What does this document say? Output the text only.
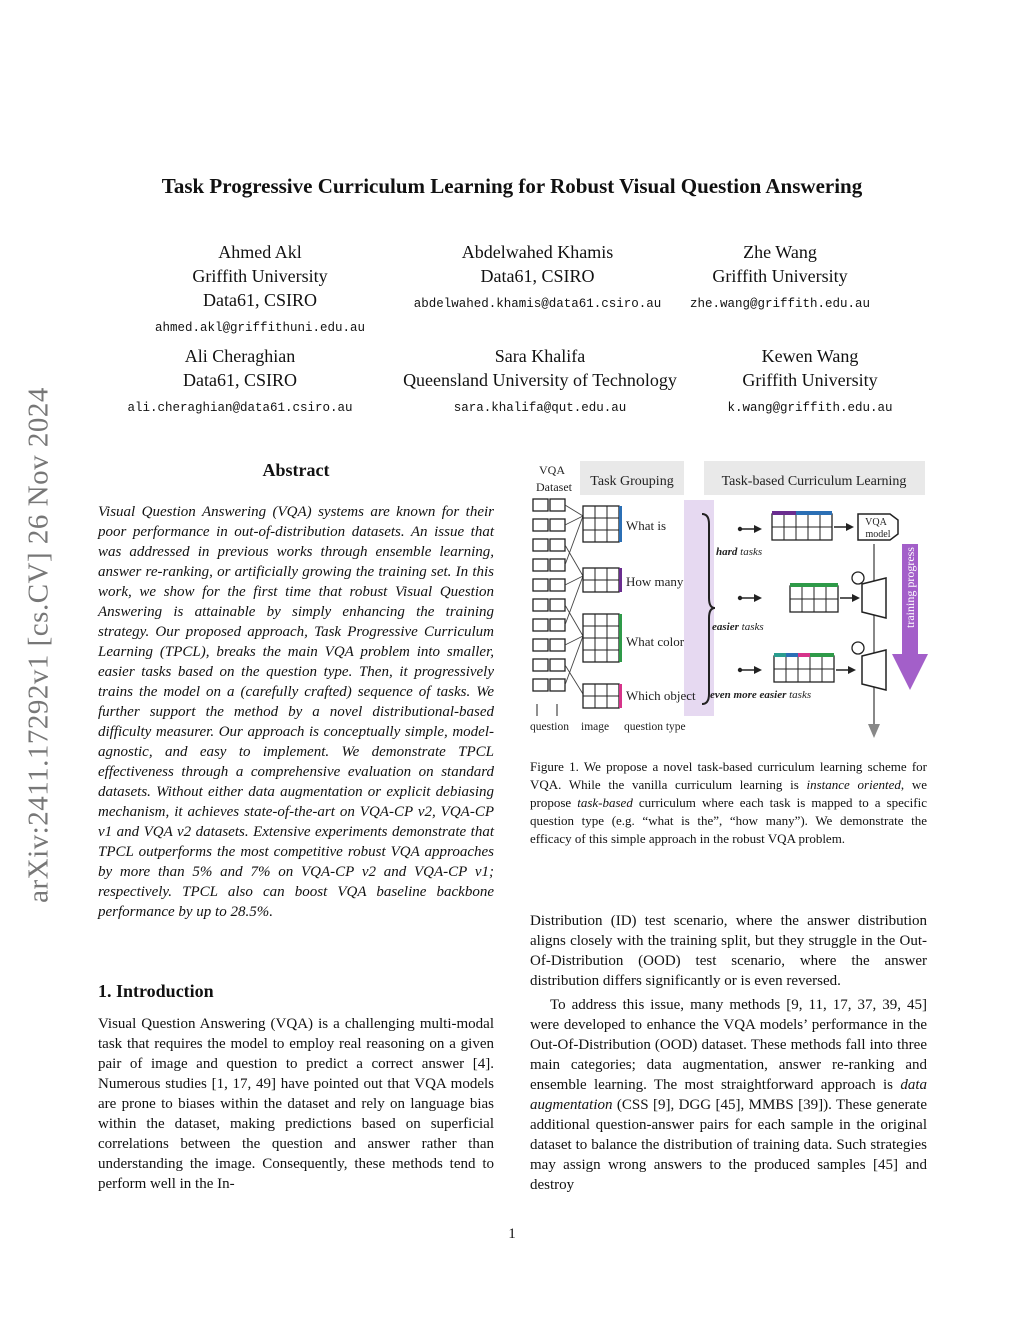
arXiv:2411.17292v1 [cs.CV] 26 Nov 2024
Task Progressive Curriculum Learning for Robust Visual Question Answering
Ahmed Akl
Griffith University
Data61, CSIRO
ahmed.akl@griffithuni.edu.au
Abdelwahed Khamis
Data61, CSIRO
abdelwahed.khamis@data61.csiro.au
Zhe Wang
Griffith University
zhe.wang@griffith.edu.au
Ali Cheraghian
Data61, CSIRO
ali.cheraghian@data61.csiro.au
Sara Khalifa
Queensland University of Technology
sara.khalifa@qut.edu.au
Kewen Wang
Griffith University
k.wang@griffith.edu.au
Abstract
Visual Question Answering (VQA) systems are known for their poor performance in out-of-distribution datasets. An issue that was addressed in previous works through ensemble learning, answer re-ranking, or artificially growing the training set. In this work, we show for the first time that robust Visual Question Answering is attainable by simply enhancing the training strategy. Our proposed approach, Task Progressive Curriculum Learning (TPCL), breaks the main VQA problem into smaller, easier tasks based on the question type. Then, it progressively trains the model on a (carefully crafted) sequence of tasks. We further support the method by a novel distributional-based difficulty measurer. Our approach is conceptually simple, model-agnostic, and easy to implement. We demonstrate TPCL effectiveness through a comprehensive evaluation on standard datasets. Without either data augmentation or explicit debiasing mechanism, it achieves state-of-the-art on VQA-CP v2, VQA-CP v1 and VQA v2 datasets. Extensive experiments demonstrate that TPCL outperforms the most competitive robust VQA approaches by more than 5% and 7% on VQA-CP v2 and VQA-CP v1; respectively. TPCL also can boost VQA baseline backbone performance by up to 28.5%.
1. Introduction
Visual Question Answering (VQA) is a challenging multi-modal task that requires the model to employ real reasoning on a given pair of image and question to predict a correct answer [4]. Numerous studies [1, 17, 49] have pointed out that VQA models are prone to biases within the dataset and rely on language bias within the dataset, making predictions based on superficial correlations between the question and answer rather than understanding the image. Consequently, these methods tend to perform well in the In-
Task Grouping	Task-based Curriculum Learning
VQA
Dataset
What is
How many
What color
Which object
training progress
VQA
model
hard tasks
easier tasks
even more easier tasks
question image question type
Figure 1. We propose a novel task-based curriculum learning scheme for VQA. While the vanilla curriculum learning is instance oriented, we propose task-based curriculum where each task is mapped to a specific question type (e.g. “what is the”, “how many”). We demonstrate the efficacy of this simple approach in the robust VQA problem.

Distribution (ID) test scenario, where the answer distribution aligns closely with the training split, but they struggle in the Out-Of-Distribution (OOD) test scenario, where the answer distribution differs significantly or is even reversed.

To address this issue, many methods [9, 11, 17, 37, 39, 45] were developed to enhance the VQA models’ performance in the Out-Of-Distribution (OOD) dataset. These methods fall into three main categories; data augmentation, answer re-ranking and ensemble learning. The most straightforward approach is data augmentation (CSS [9], DGG [45], MMBS [39]). These generate additional question-answer pairs for each sample in the original dataset to balance the distribution of training data. Such strategies may assign wrong answers to the produced samples [45] and destroy

1
